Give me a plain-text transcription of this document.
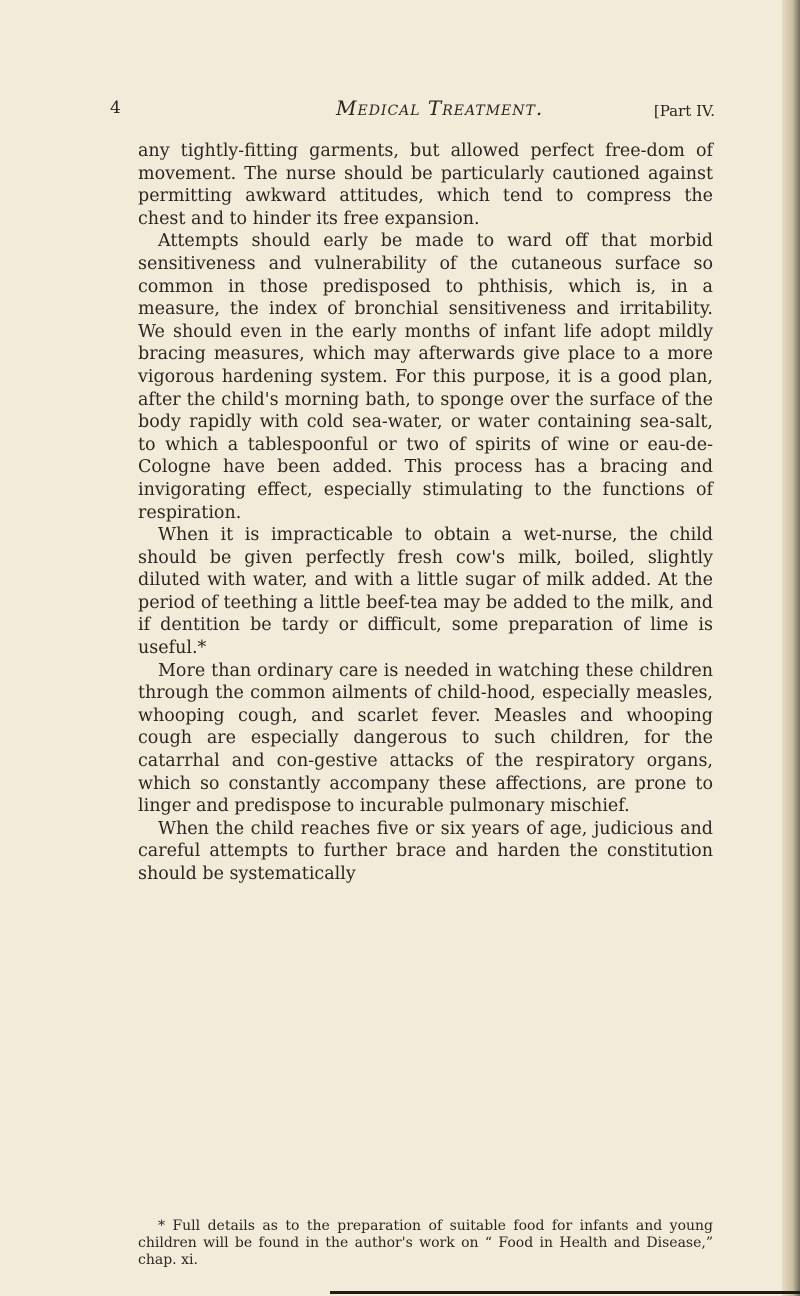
4	Medical Treatment.	[Part IV.

any tightly-fitting garments, but allowed perfect free-dom of movement. The nurse should be particularly cautioned against permitting awkward attitudes, which tend to compress the chest and to hinder its free expansion.

Attempts should early be made to ward off that morbid sensitiveness and vulnerability of the cutaneous surface so common in those predisposed to phthisis, which is, in a measure, the index of bronchial sensitiveness and irritability. We should even in the early months of infant life adopt mildly bracing measures, which may afterwards give place to a more vigorous hardening system. For this purpose, it is a good plan, after the child's morning bath, to sponge over the surface of the body rapidly with cold sea-water, or water containing sea-salt, to which a tablespoonful or two of spirits of wine or eau-de-Cologne have been added. This process has a bracing and invigorating effect, especially stimulating to the functions of respiration.

When it is impracticable to obtain a wet-nurse, the child should be given perfectly fresh cow's milk, boiled, slightly diluted with water, and with a little sugar of milk added. At the period of teething a little beef-tea may be added to the milk, and if dentition be tardy or difficult, some preparation of lime is useful.*

More than ordinary care is needed in watching these children through the common ailments of child-hood, especially measles, whooping cough, and scarlet fever. Measles and whooping cough are especially dangerous to such children, for the catarrhal and con-gestive attacks of the respiratory organs, which so constantly accompany these affections, are prone to linger and predispose to incurable pulmonary mischief.

When the child reaches five or six years of age, judicious and careful attempts to further brace and harden the constitution should be systematically

* Full details as to the preparation of suitable food for infants and young children will be found in the author's work on “ Food in Health and Disease,” chap. xi.
